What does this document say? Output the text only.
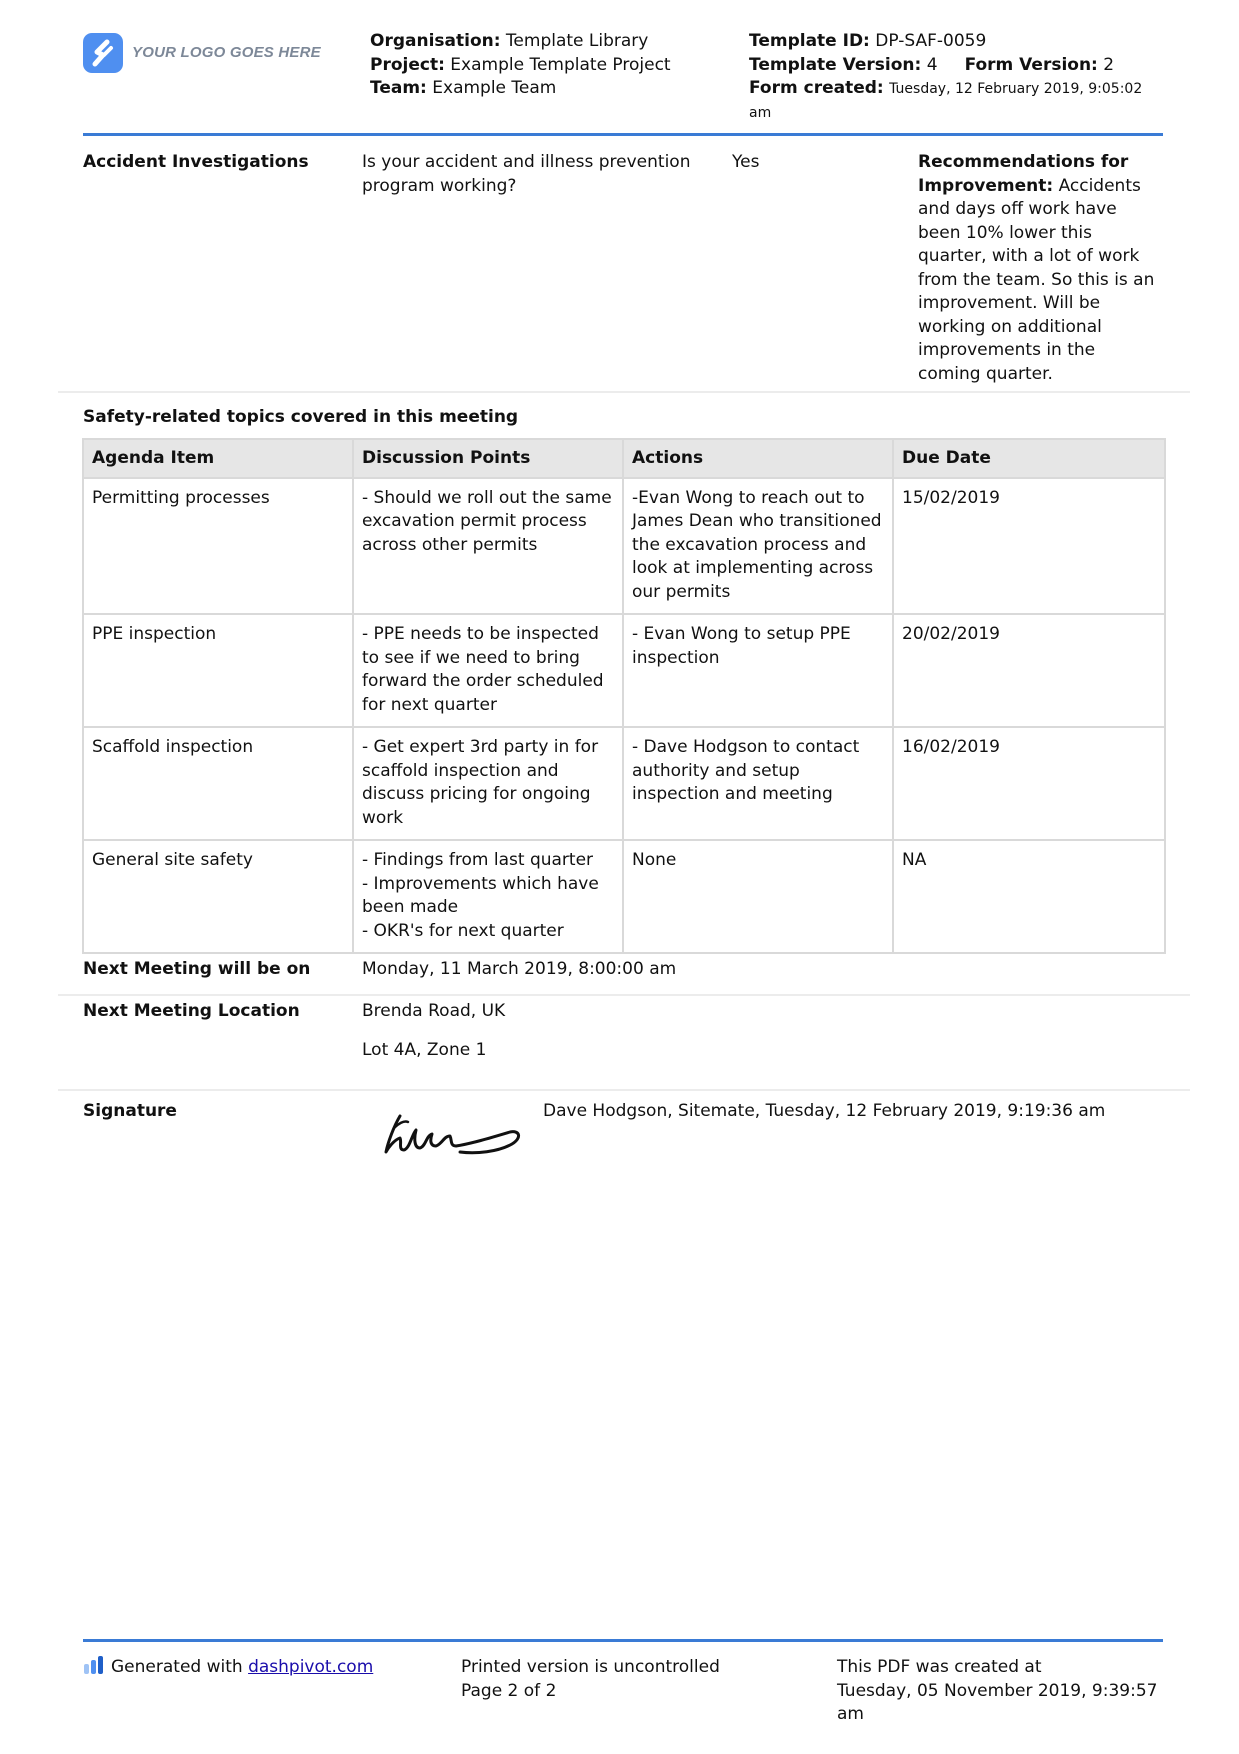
YOUR LOGO GOES HERE
Organisation: Template Library
Project: Example Template Project
Team: Example Team
Template ID: DP-SAF-0059
Template Version: 4 Form Version: 2
Form created: Tuesday, 12 February 2019, 9:05:02
am
Accident Investigations	Is your accident and illness prevention
program working?
Yes	Recommendations for
Improvement: Accidents
and days off work have
been 10% lower this
quarter, with a lot of work
from the team. So this is an
improvement. Will be
working on additional
improvements in the
coming quarter.
Safety-related topics covered in this meeting
Agenda Item	Discussion Points	Actions	Due Date
Permitting processes	- Should we roll out the same
excavation permit process
across other permits	-Evan Wong to reach out to
James Dean who transitioned
the excavation process and
look at implementing across
our permits	15/02/2019
PPE inspection	- PPE needs to be inspected
to see if we need to bring
forward the order scheduled
for next quarter	- Evan Wong to setup PPE
inspection	20/02/2019
Scaffold inspection	- Get expert 3rd party in for
scaffold inspection and
discuss pricing for ongoing
work	- Dave Hodgson to contact
authority and setup
inspection and meeting	16/02/2019
General site safety	- Findings from last quarter
- Improvements which have
been made
- OKR's for next quarter	None	NA
Next Meeting will be on	Monday, 11 March 2019, 8:00:00 am
Next Meeting Location	Brenda Road, UK
Lot 4A, Zone 1
Signature	Dave Hodgson, Sitemate, Tuesday, 12 February 2019, 9:19:36 am
Generated with dashpivot.com	Printed version is uncontrolled
Page 2 of 2
This PDF was created at
Tuesday, 05 November 2019, 9:39:57
am
